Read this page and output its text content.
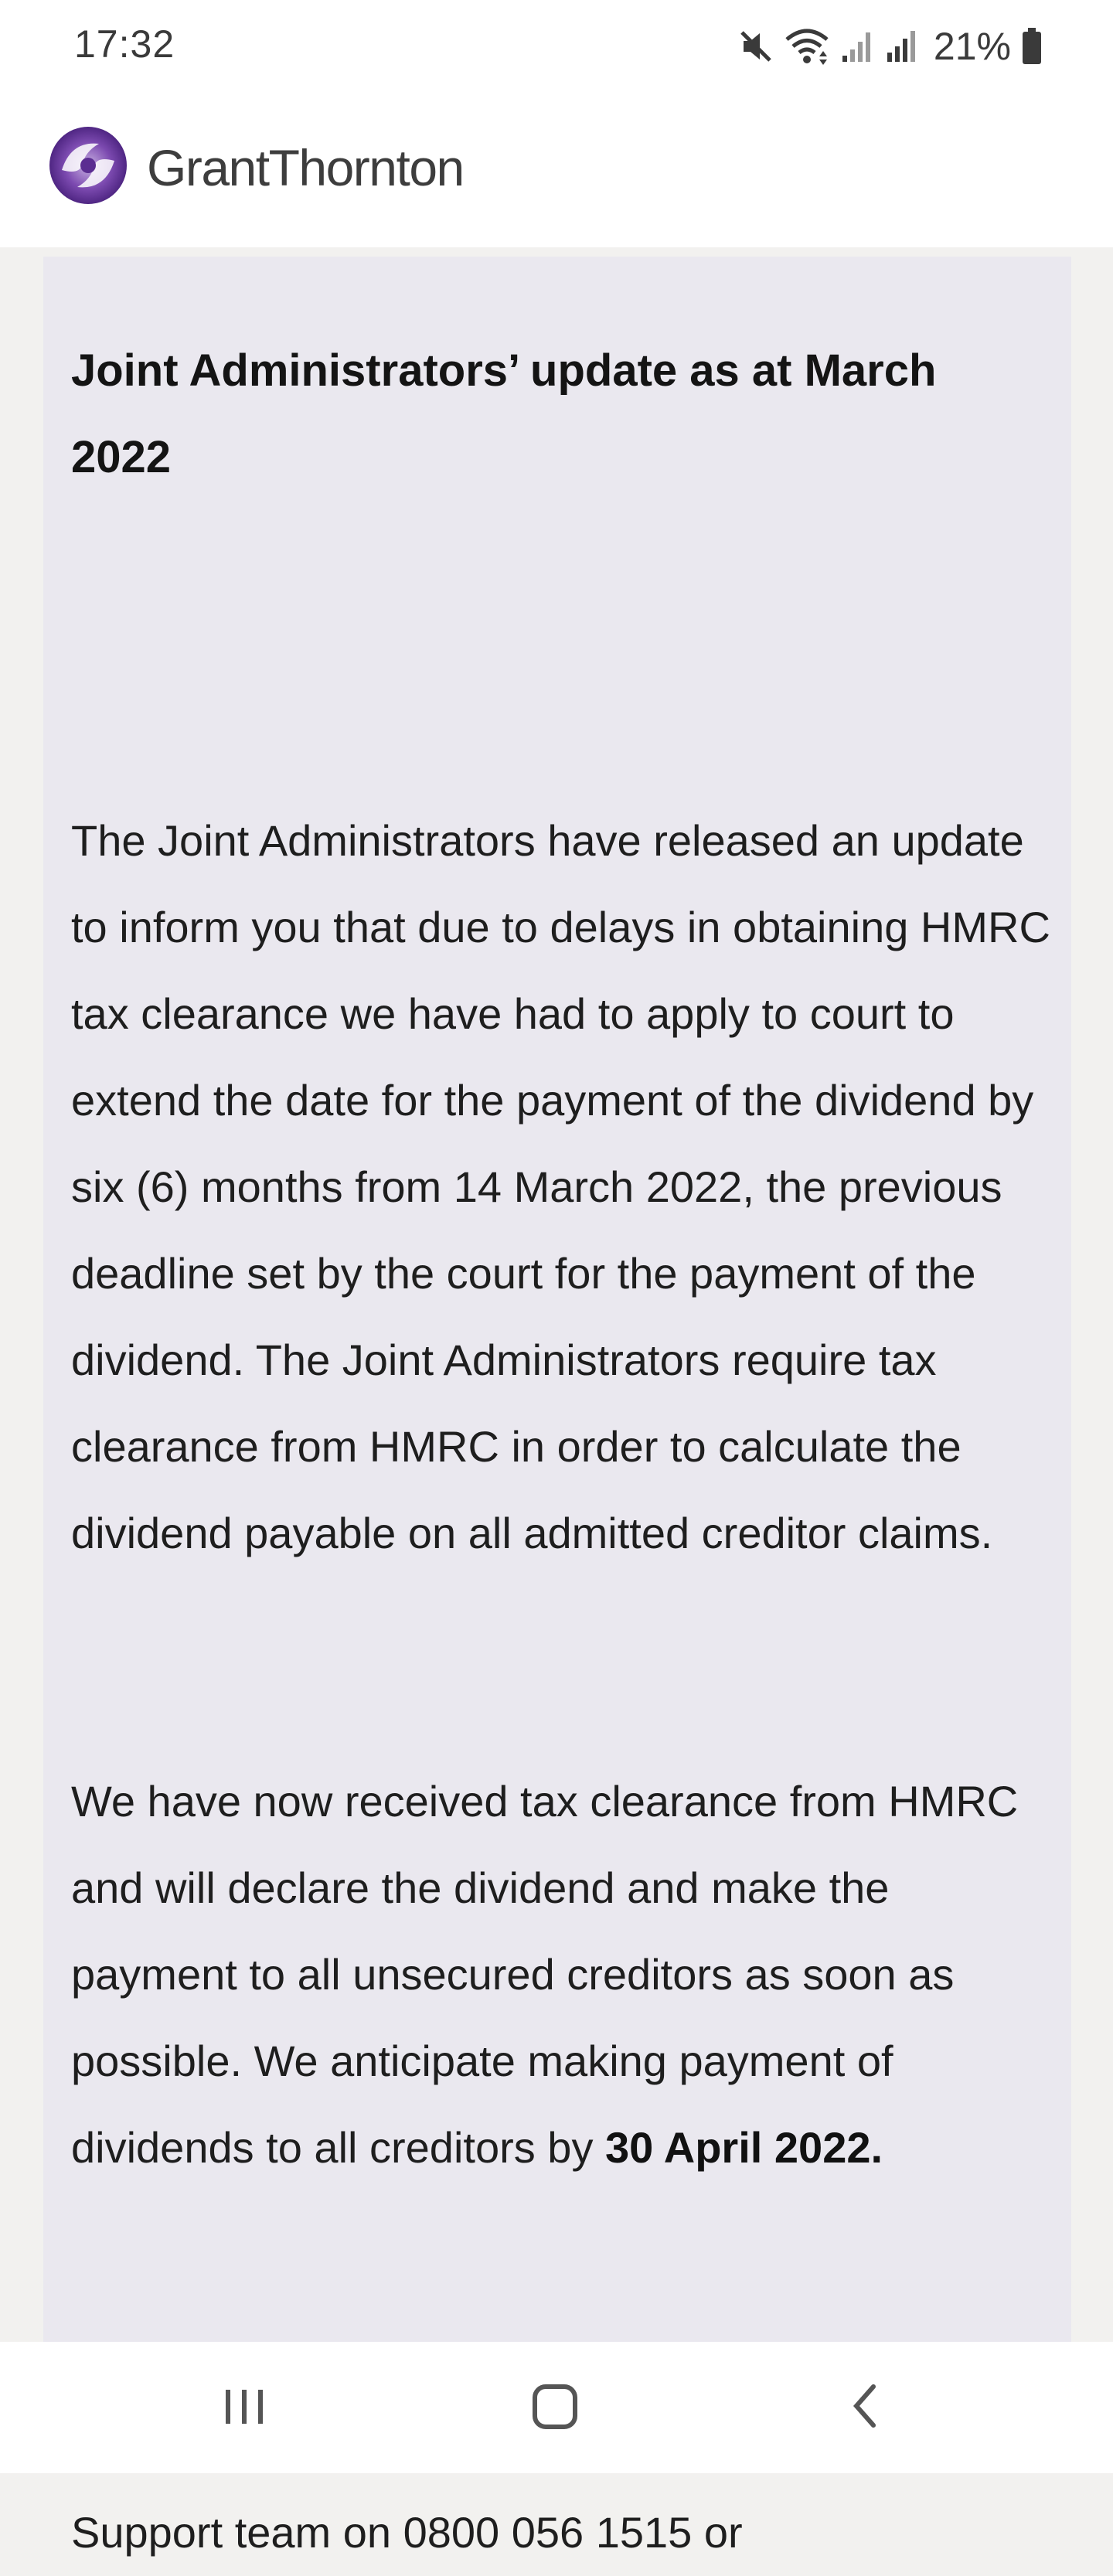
17:32	21%
GrantThornton
Joint Administrators’ update as at March 2022

The Joint Administrators have released an update to inform you that due to delays in obtaining HMRC tax clearance we have had to apply to court to extend the date for the payment of the dividend by six (6) months from 14 March 2022, the previous deadline set by the court for the payment of the dividend. The Joint Administrators require tax clearance from HMRC in order to calculate the dividend payable on all admitted creditor claims.

We have now received tax clearance from HMRC and will declare the dividend and make the payment to all unsecured creditors as soon as possible. We anticipate making payment of dividends to all creditors by 30 April 2022.

Support team on 0800 056 1515 or
